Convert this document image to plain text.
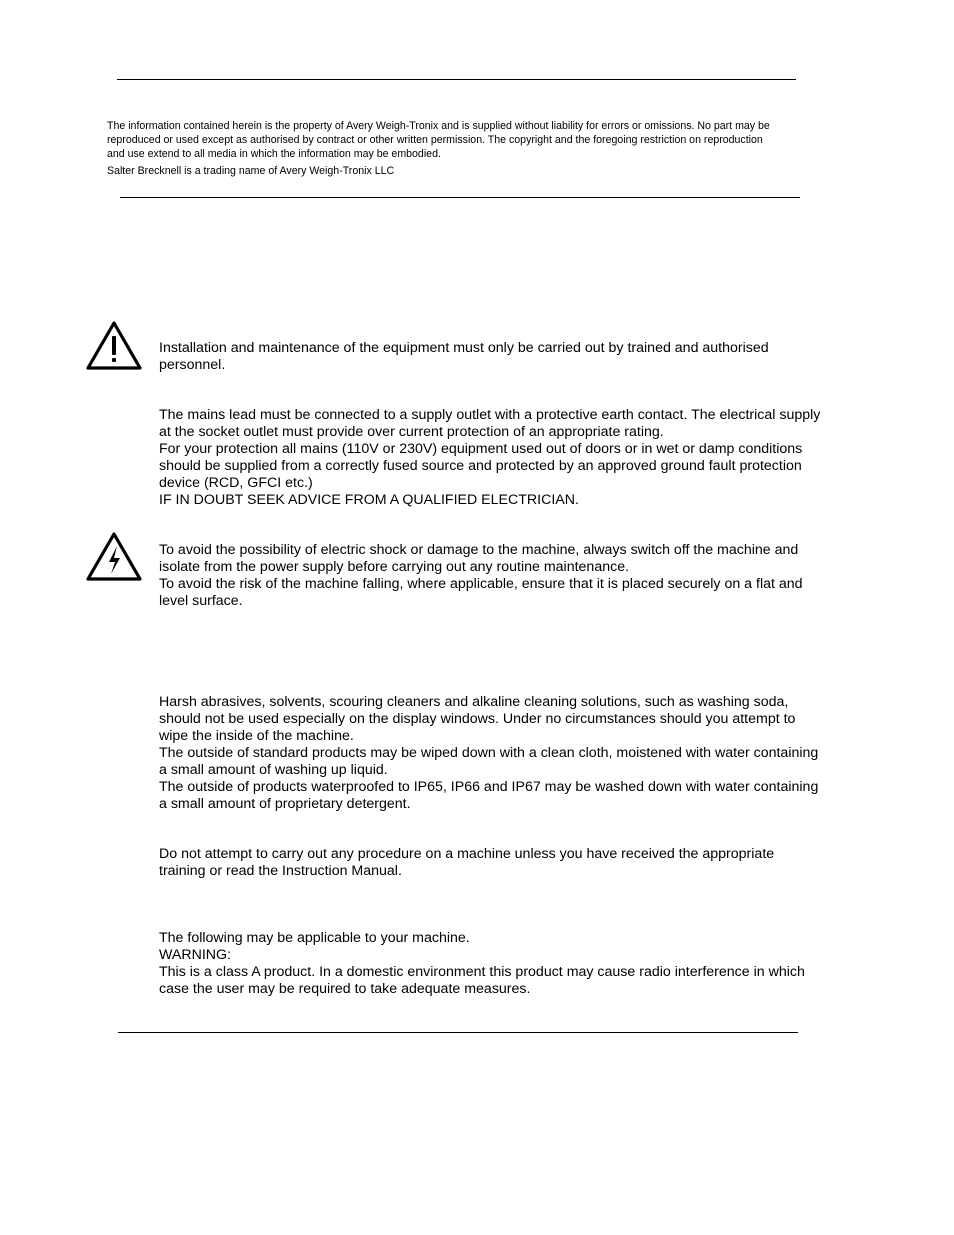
The information contained herein is the property of Avery Weigh-Tronix and is supplied without liability for errors or omissions. No part may be
reproduced or used except as authorised by contract or other written permission. The copyright and the foregoing restriction on reproduction
and use extend to all media in which the information may be embodied.

Salter Brecknell is a trading name of Avery Weigh-Tronix LLC

Installation and maintenance of the equipment must only be carried out by trained and authorised
personnel.

The mains lead must be connected to a supply outlet with a protective earth contact. The electrical supply
at the socket outlet must provide over current protection of an appropriate rating.
For your protection all mains (110V or 230V) equipment used out of doors or in wet or damp conditions
should be supplied from a correctly fused source and protected by an approved ground fault protection
device (RCD, GFCI etc.)
IF IN DOUBT SEEK ADVICE FROM A QUALIFIED ELECTRICIAN.

To avoid the possibility of electric shock or damage to the machine, always switch off the machine and
isolate from the power supply before carrying out any routine maintenance.
To avoid the risk of the machine falling, where applicable, ensure that it is placed securely on a flat and
level surface.

Harsh abrasives, solvents, scouring cleaners and alkaline cleaning solutions, such as washing soda,
should not be used especially on the display windows. Under no circumstances should you attempt to
wipe the inside of the machine.
The outside of standard products may be wiped down with a clean cloth, moistened with water containing
a small amount of washing up liquid.
The outside of products waterproofed to IP65, IP66 and IP67 may be washed down with water containing
a small amount of proprietary detergent.

Do not attempt to carry out any procedure on a machine unless you have received the appropriate
training or read the Instruction Manual.

The following may be applicable to your machine.
WARNING:
This is a class A product. In a domestic environment this product may cause radio interference in which
case the user may be required to take adequate measures.
